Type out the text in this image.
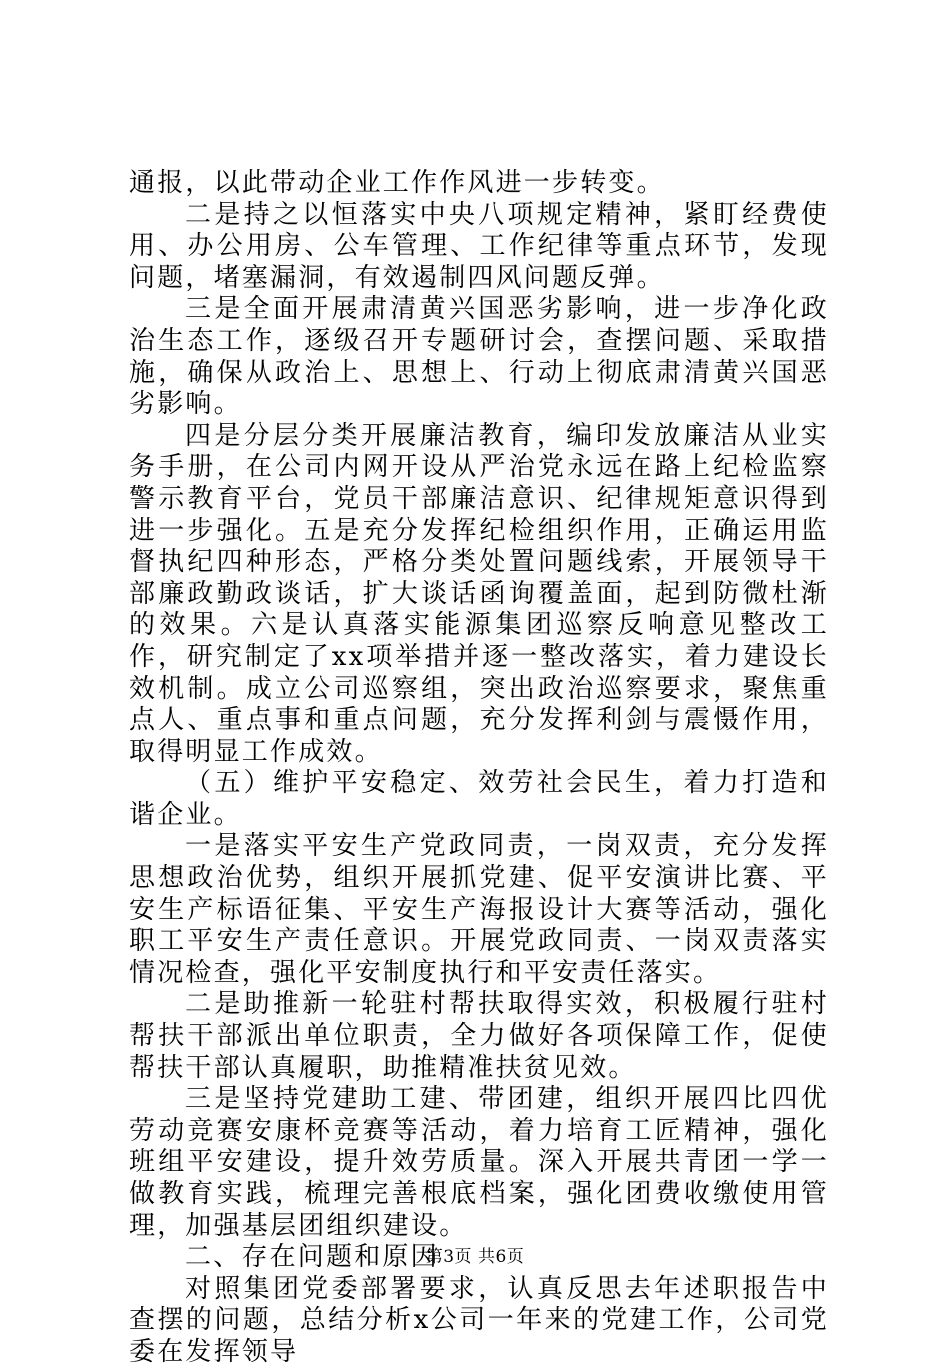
通报，以此带动企业工作作风进一步转变。

二是持之以恒落实中央八项规定精神，紧盯经费使用、办公用房、公车管理、工作纪律等重点环节，发现问题，堵塞漏洞，有效遏制四风问题反弹。

三是全面开展肃清黄兴国恶劣影响，进一步净化政治生态工作，逐级召开专题研讨会，查摆问题、采取措施，确保从政治上、思想上、行动上彻底肃清黄兴国恶劣影响。

四是分层分类开展廉洁教育，编印发放廉洁从业实务手册，在公司内网开设从严治党永远在路上纪检监察警示教育平台，党员干部廉洁意识、纪律规矩意识得到进一步强化。五是充分发挥纪检组织作用，正确运用监督执纪四种形态，严格分类处置问题线索，开展领导干部廉政勤政谈话，扩大谈话函询覆盖面，起到防微杜渐的效果。六是认真落实能源集团巡察反响意见整改工作，研究制定了xx项举措并逐一整改落实，着力建设长效机制。成立公司巡察组，突出政治巡察要求，聚焦重点人、重点事和重点问题，充分发挥利剑与震慑作用，取得明显工作成效。

（五）维护平安稳定、效劳社会民生，着力打造和谐企业。

一是落实平安生产党政同责，一岗双责，充分发挥思想政治优势，组织开展抓党建、促平安演讲比赛、平安生产标语征集、平安生产海报设计大赛等活动，强化职工平安生产责任意识。开展党政同责、一岗双责落实情况检查，强化平安制度执行和平安责任落实。

二是助推新一轮驻村帮扶取得实效，积极履行驻村帮扶干部派出单位职责，全力做好各项保障工作，促使帮扶干部认真履职，助推精准扶贫见效。

三是坚持党建助工建、带团建，组织开展四比四优劳动竞赛安康杯竞赛等活动，着力培育工匠精神，强化班组平安建设，提升效劳质量。深入开展共青团一学一做教育实践，梳理完善根底档案，强化团费收缴使用管理，加强基层团组织建设。

二、存在问题和原因

对照集团党委部署要求，认真反思去年述职报告中查摆的问题，总结分析x公司一年来的党建工作，公司党委在发挥领导

第3页 共6页
